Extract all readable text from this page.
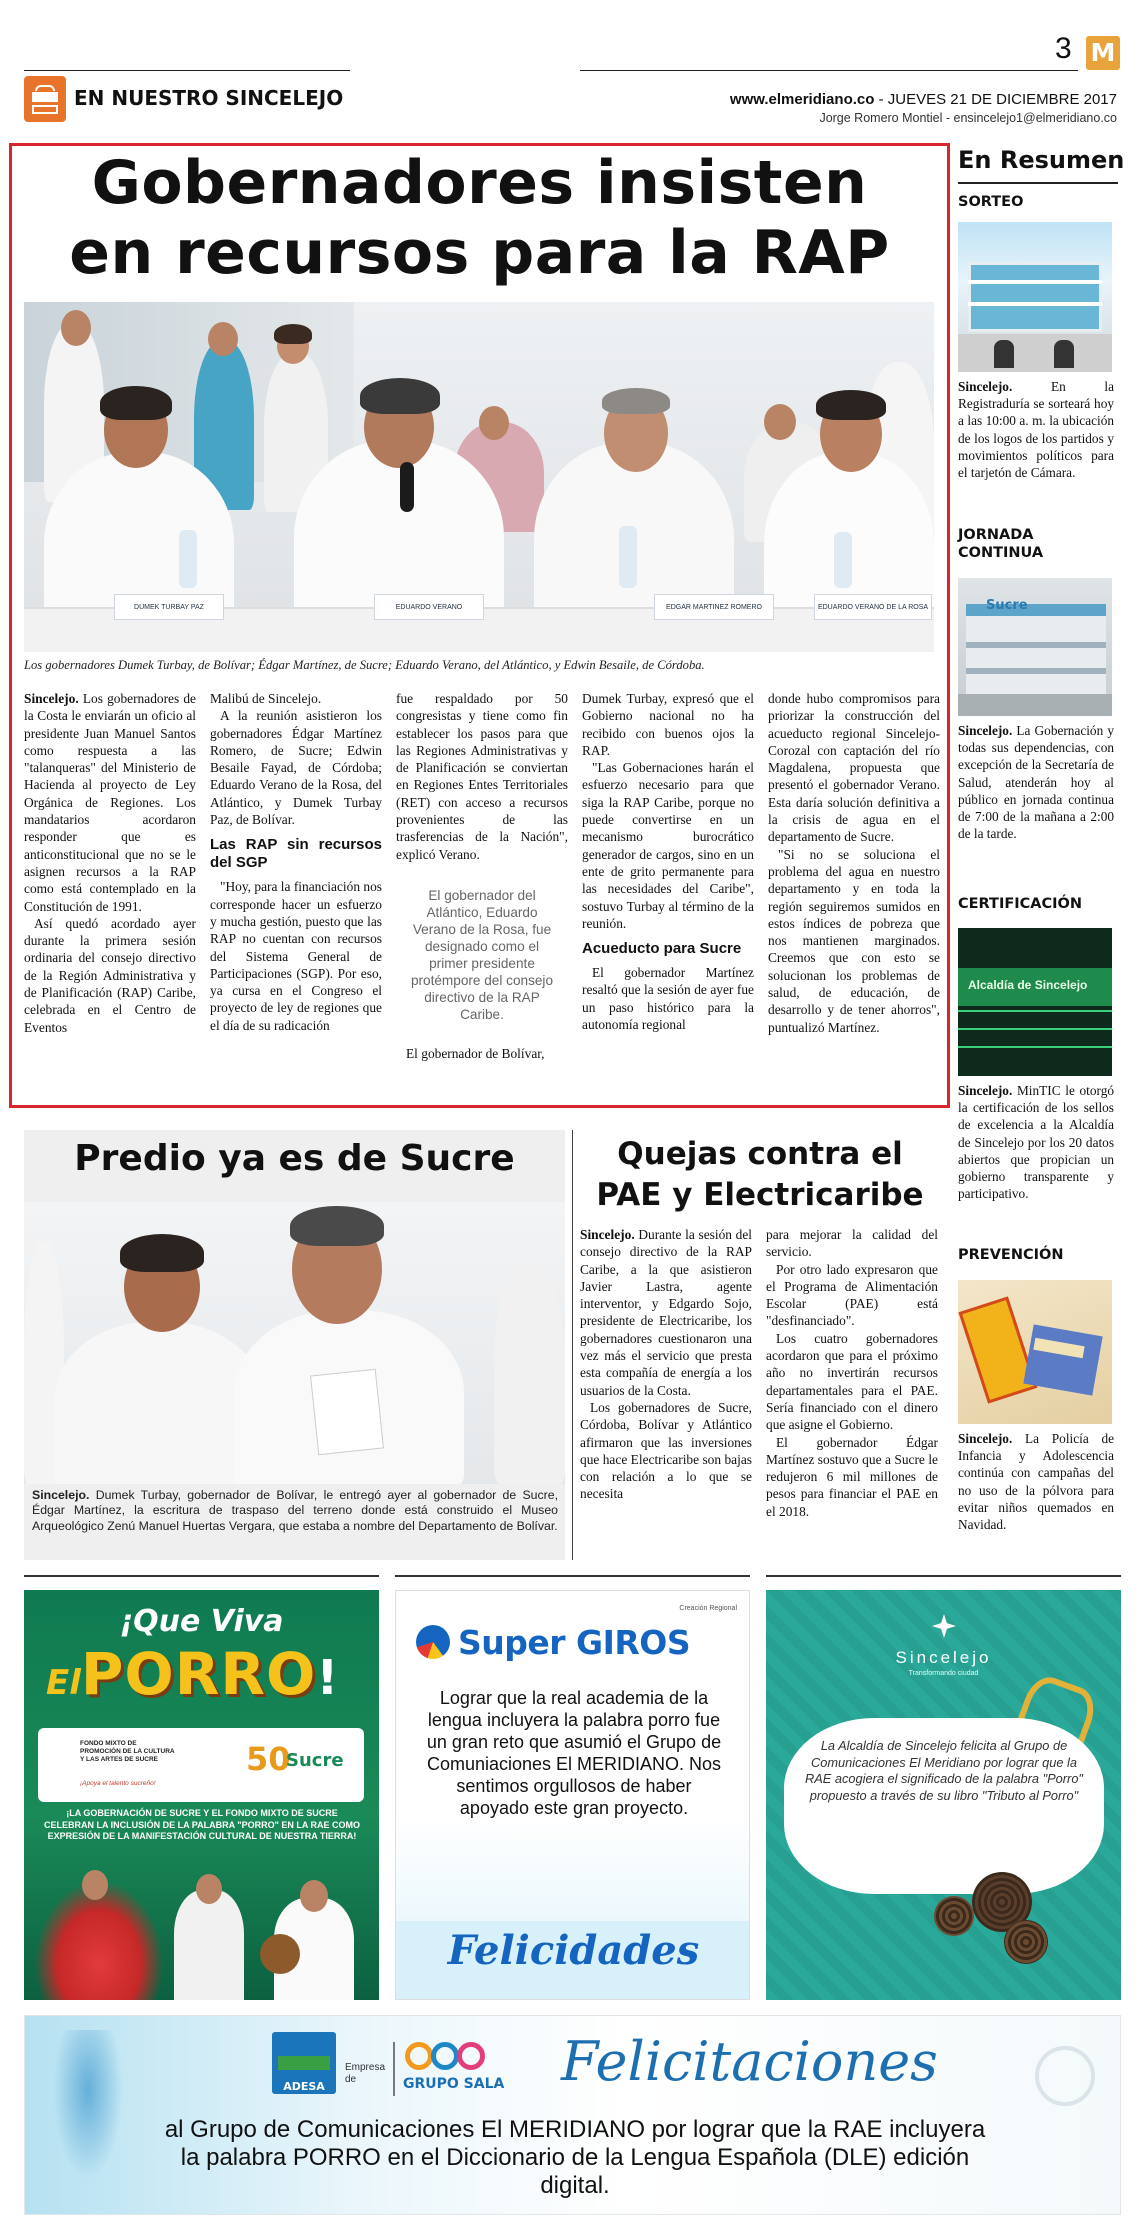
EN NUESTRO SINCELEJO
3 M
www.elmeridiano.co - JUEVES 21 DE DICIEMBRE 2017
Jorge Romero Montiel - ensincelejo1@elmeridiano.co
Gobernadores insisten
en recursos para la RAP
DUMEK TURBAY PAZ	EDUARDO VERANO	EDGAR MARTINEZ ROMERO	EDUARDO VERANO DE LA ROSA
Los gobernadores Dumek Turbay, de Bolívar; Édgar Martínez, de Sucre; Eduardo Verano, del Atlántico, y Edwin Besaile, de Córdoba.

Sincelejo. Los gobernadores de la Costa le enviarán un oficio al presidente Juan Manuel Santos como respuesta a las "talanqueras" del Ministerio de Hacienda al proyecto de Ley Orgánica de Regiones. Los mandatarios acordaron responder que es anticonstitucional que no se le asignen recursos a la RAP como está contemplado en la Constitución de 1991.

Así quedó acordado ayer durante la primera sesión ordinaria del consejo directivo de la Región Administrativa y de Planificación (RAP) Caribe, celebrada en el Centro de Eventos

Malibú de Sincelejo.

A la reunión asistieron los gobernadores Édgar Martínez Romero, de Sucre; Edwin Besaile Fayad, de Córdoba; Eduardo Verano de la Rosa, del Atlántico, y Dumek Turbay Paz, de Bolívar.

Las RAP sin recursos del SGP

"Hoy, para la financiación nos corresponde hacer un esfuerzo y mucha gestión, puesto que las RAP no cuentan con recursos del Sistema General de Participaciones (SGP). Por eso, ya cursa en el Congreso el proyecto de ley de regiones que el día de su radicación

fue respaldado por 50 congresistas y tiene como fin establecer los pasos para que las Regiones Administrativas y de Planificación se conviertan en Regiones Entes Territoriales (RET) con acceso a recursos provenientes de las trasferencias de la Nación", explicó Verano.

El gobernador del Atlántico, Eduardo Verano de la Rosa, fue designado como el primer presidente protémpore del consejo directivo de la RAP Caribe.

El gobernador de Bolívar,

Dumek Turbay, expresó que el Gobierno nacional no ha recibido con buenos ojos la RAP.

"Las Gobernaciones harán el esfuerzo necesario para que siga la RAP Caribe, porque no puede convertirse en un mecanismo burocrático generador de cargos, sino en un ente de grito permanente para las necesidades del Caribe", sostuvo Turbay al término de la reunión.

Acueducto para Sucre

El gobernador Martínez resaltó que la sesión de ayer fue un paso histórico para la autonomía regional

donde hubo compromisos para priorizar la construcción del acueducto regional Sincelejo-Corozal con captación del río Magdalena, propuesta que presentó el gobernador Verano. Esta daría solución definitiva a la crisis de agua en el departamento de Sucre.

"Si no se soluciona el problema del agua en nuestro departamento y en toda la región seguiremos sumidos en estos índices de pobreza que nos mantienen marginados. Creemos que con esto se solucionan los problemas de salud, de educación, de desarrollo y de tener ahorros", puntualizó Martínez.

En Resumen
SORTEO
Sincelejo.	En la Registraduría se sorteará hoy a las 10:00 a. m. la ubicación de los logos de los partidos y movimientos políticos para el tarjetón de Cámara.
JORNADA CONTINUA
Sucre
Sincelejo. La Gobernación y todas sus dependencias, con excepción de la Secretaría de Salud, atenderán hoy al público en jornada continua de 7:00 de la mañana a 2:00 de la tarde.
CERTIFICACIÓN
Alcaldía de Sincelejo
Sincelejo. MinTIC le otorgó la certificación de los sellos de excelencia a la Alcaldía de Sincelejo por los 20 datos abiertos que propician un gobierno transparente y participativo.
PREVENCIÓN
Sincelejo. La Policía de Infancia y Adolescencia continúa con campañas del no uso de la pólvora para evitar niños quemados en Navidad.
Predio ya es de Sucre
Sincelejo. Dumek Turbay, gobernador de Bolívar, le entregó ayer al gobernador de Sucre, Édgar Martínez, la escritura de traspaso del terreno donde está construido el Museo Arqueológico Zenú Manuel Huertas Vergara, que estaba a nombre del Departamento de Bolívar.
Quejas contra el
PAE y Electricaribe

Sincelejo. Durante la sesión del consejo directivo de la RAP Caribe, a la que asistieron Javier Lastra, agente interventor, y Edgardo Sojo, presidente de Electricaribe, los gobernadores cuestionaron una vez más el servicio que presta esta compañía de energía a los usuarios de la Costa.

Los gobernadores de Sucre, Córdoba, Bolívar y Atlántico afirmaron que las inversiones que hace Electricaribe son bajas con relación a lo que se necesita

para mejorar la calidad del servicio.

Por otro lado expresaron que el Programa de Alimentación Escolar (PAE) está "desfinanciado".

Los cuatro gobernadores acordaron que para el próximo año no invertirán recursos departamentales para el PAE. Sería financiado con el dinero que asigne el Gobierno.

El gobernador Édgar Martínez sostuvo que a Sucre le redujeron 6 mil millones de pesos para financiar el PAE en el 2018.

¡Que Viva
ElPORRO!
FONDO MIXTO DE PROMOCIÓN DE LA CULTURA Y LAS ARTES DE SUCRE
¡Apoya el talento sucreño!
50
Sucre
¡LA GOBERNACIÓN DE SUCRE Y EL FONDO MIXTO DE SUCRE CELEBRAN LA INCLUSIÓN DE LA PALABRA "PORRO" EN LA RAE COMO EXPRESIÓN DE LA MANIFESTACIÓN CULTURAL DE NUESTRA TIERRA!
Creación Regional
Super GIROS
Lograr que la real academia de la lengua incluyera la palabra porro fue un gran reto que asumió el Grupo de Comuniaciones El MERIDIANO. Nos sentimos orgullosos de haber apoyado este gran proyecto.
Felicidades
Sincelejo
Transformando ciudad
La Alcaldía de Sincelejo felicita al Grupo de Comunicaciones El Meridiano por lograr que la RAE acogiera el significado de la palabra "Porro" propuesto a través de su libro "Tributo al Porro"
ADESA
Empresa de	GRUPO SALA Felicitaciones
al Grupo de Comunicaciones El MERIDIANO por lograr que la RAE incluyera la palabra PORRO en el Diccionario de la Lengua Española (DLE) edición digital.
